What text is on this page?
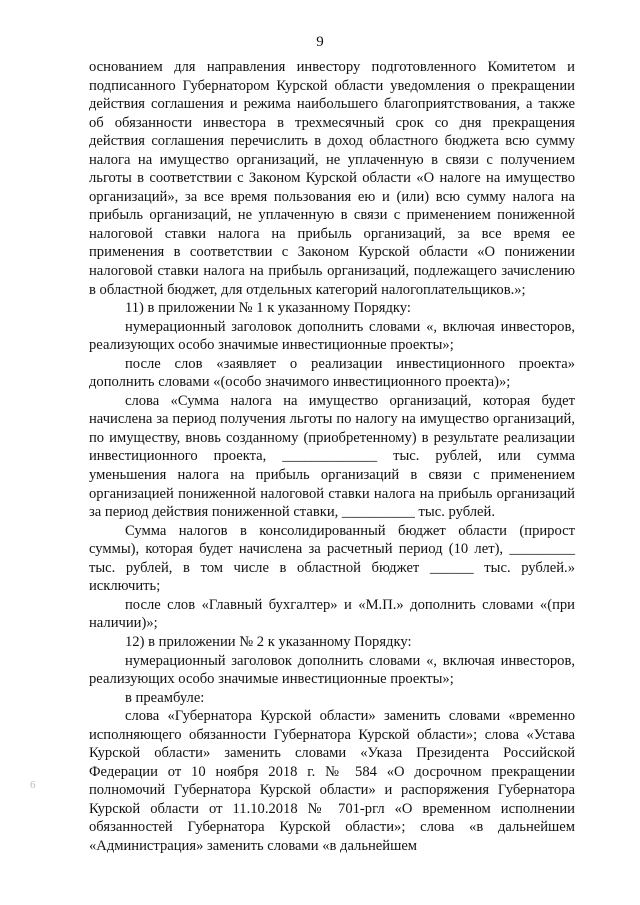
9

основанием для направления инвестору подготовленного Комитетом и подписанного Губернатором Курской области уведомления о прекращении действия соглашения и режима наибольшего благоприятствования, а также об обязанности инвестора в трехмесячный срок со дня прекращения действия соглашения перечислить в доход областного бюджета всю сумму налога на имущество организаций, не уплаченную в связи с получением льготы в соответствии с Законом Курской области «О налоге на имущество организаций», за все время пользования ею и (или) всю сумму налога на прибыль организаций, не уплаченную в связи с применением пониженной налоговой ставки налога на прибыль организаций, за все время ее применения в соответствии с Законом Курской области «О понижении налоговой ставки налога на прибыль организаций, подлежащего зачислению в областной бюджет, для отдельных категорий налогоплательщиков.»;

11) в приложении № 1 к указанному Порядку:

нумерационный заголовок дополнить словами «, включая инвесторов, реализующих особо значимые инвестиционные проекты»;

после слов «заявляет о реализации инвестиционного проекта» дополнить словами «(особо значимого инвестиционного проекта)»;

слова «Сумма налога на имущество организаций, которая будет начислена за период получения льготы по налогу на имущество организаций, по имуществу, вновь созданному (приобретенному) в результате реализации инвестиционного проекта, _____________ тыс. рублей, или сумма уменьшения налога на прибыль организаций в связи с применением организацией пониженной налоговой ставки налога на прибыль организаций за период действия пониженной ставки, __________ тыс. рублей.

Сумма налогов в консолидированный бюджет области (прирост суммы), которая будет начислена за расчетный период (10 лет), _________ тыс. рублей, в том числе в областной бюджет ______ тыс. рублей.» исключить;

после слов «Главный бухгалтер» и «М.П.» дополнить словами «(при наличии)»;

12) в приложении № 2 к указанному Порядку:

нумерационный заголовок дополнить словами «, включая инвесторов, реализующих особо значимые инвестиционные проекты»;

в преамбуле:

слова «Губернатора Курской области» заменить словами «временно исполняющего обязанности Губернатора Курской области»; слова «Устава Курской области» заменить словами «Указа Президента Российской Федерации от 10 ноября 2018 г. № 584 «О досрочном прекращении полномочий Губернатора Курской области» и распоряжения Губернатора Курской области от 11.10.2018 № 701-ргл «О временном исполнении обязанностей Губернатора Курской области»; слова «в дальнейшем «Администрация» заменить словами «в дальнейшем

6
